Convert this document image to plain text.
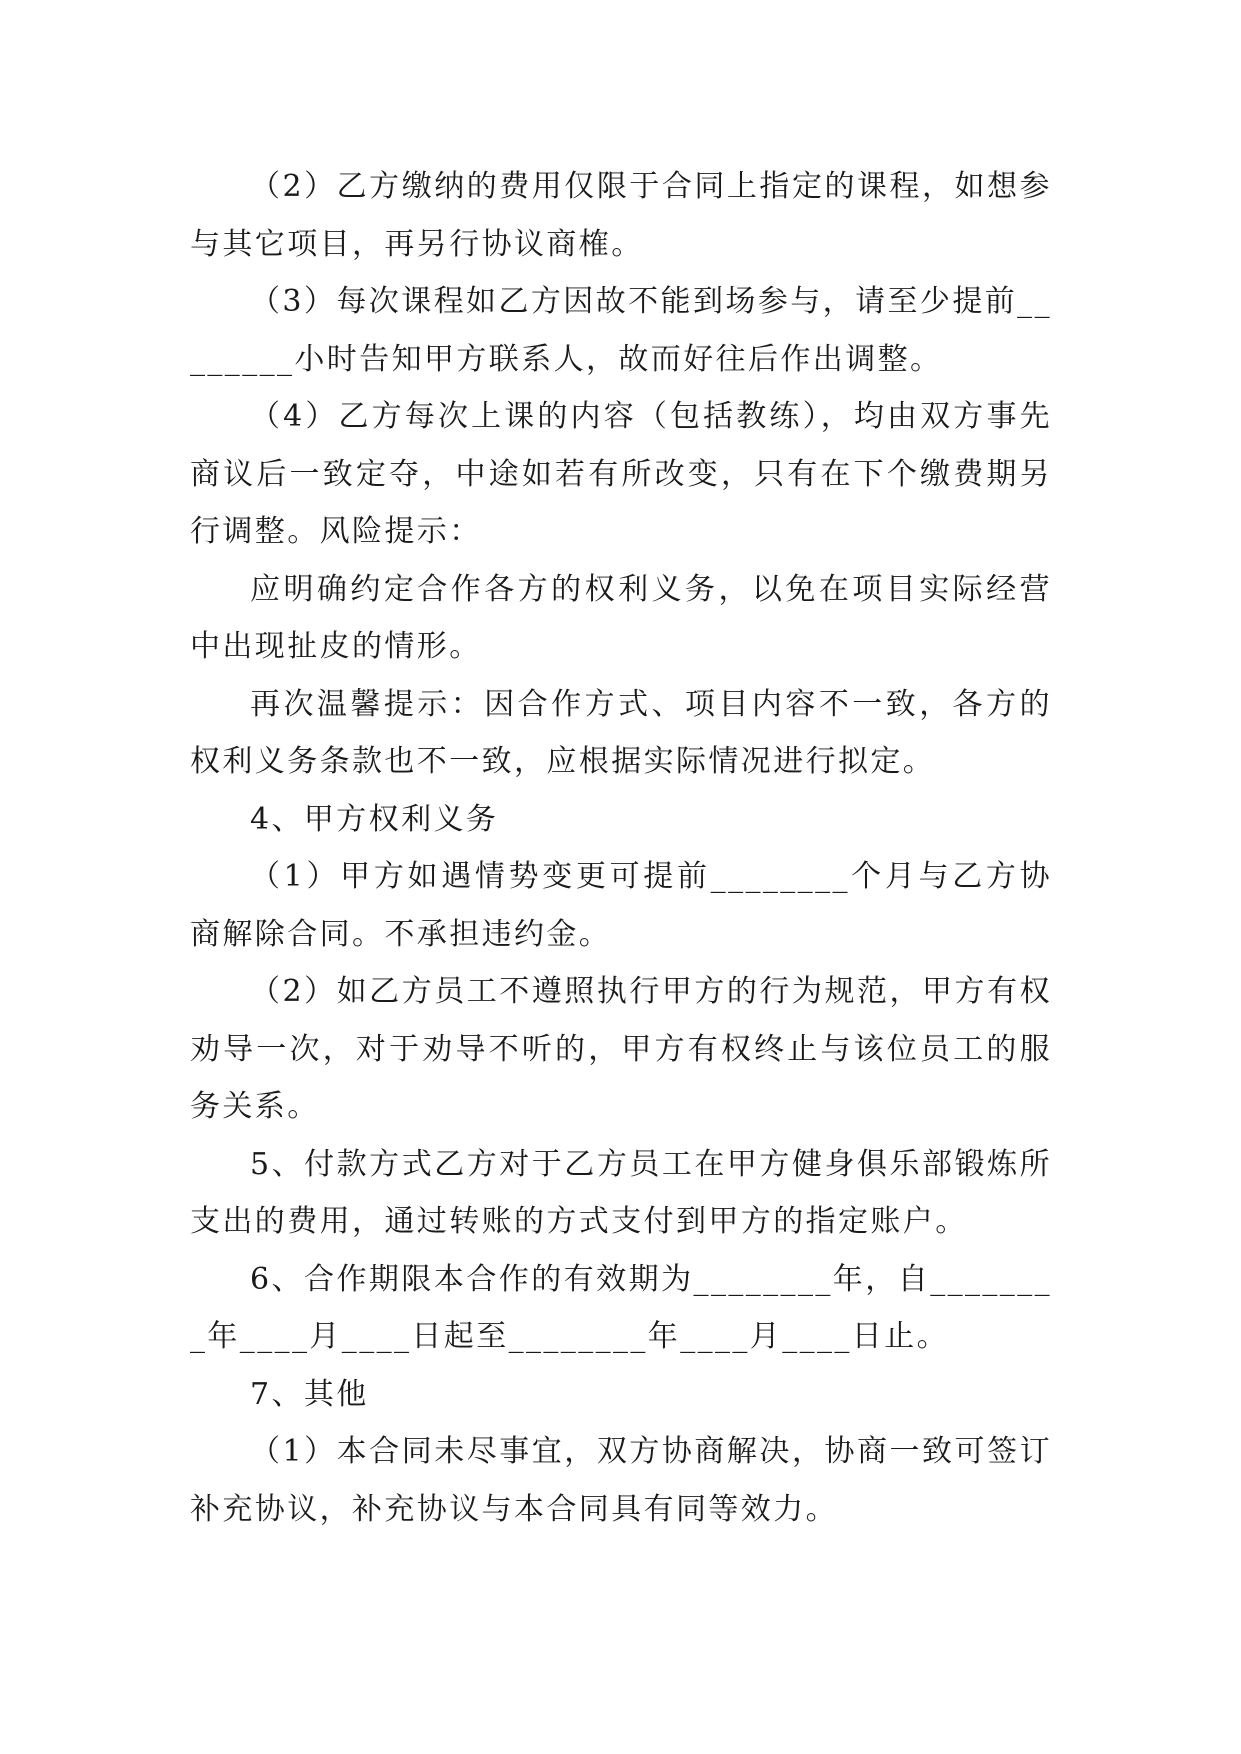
（2）乙方缴纳的费用仅限于合同上指定的课程，如想参与其它项目，再另行协议商榷。

（3）每次课程如乙方因故不能到场参与，请至少提前________小时告知甲方联系人，故而好往后作出调整。

（4）乙方每次上课的内容（包括教练），均由双方事先商议后一致定夺，中途如若有所改变，只有在下个缴费期另行调整。风险提示：

应明确约定合作各方的权利义务，以免在项目实际经营中出现扯皮的情形。

再次温馨提示：因合作方式、项目内容不一致，各方的权利义务条款也不一致，应根据实际情况进行拟定。

4、甲方权利义务

（1）甲方如遇情势变更可提前________个月与乙方协商解除合同。不承担违约金。

（2）如乙方员工不遵照执行甲方的行为规范，甲方有权劝导一次，对于劝导不听的，甲方有权终止与该位员工的服务关系。

5、付款方式乙方对于乙方员工在甲方健身俱乐部锻炼所支出的费用，通过转账的方式支付到甲方的指定账户。

6、合作期限本合作的有效期为________年，自________年____月____日起至________年____月____日止。

7、其他

（1）本合同未尽事宜，双方协商解决，协商一致可签订补充协议，补充协议与本合同具有同等效力。
